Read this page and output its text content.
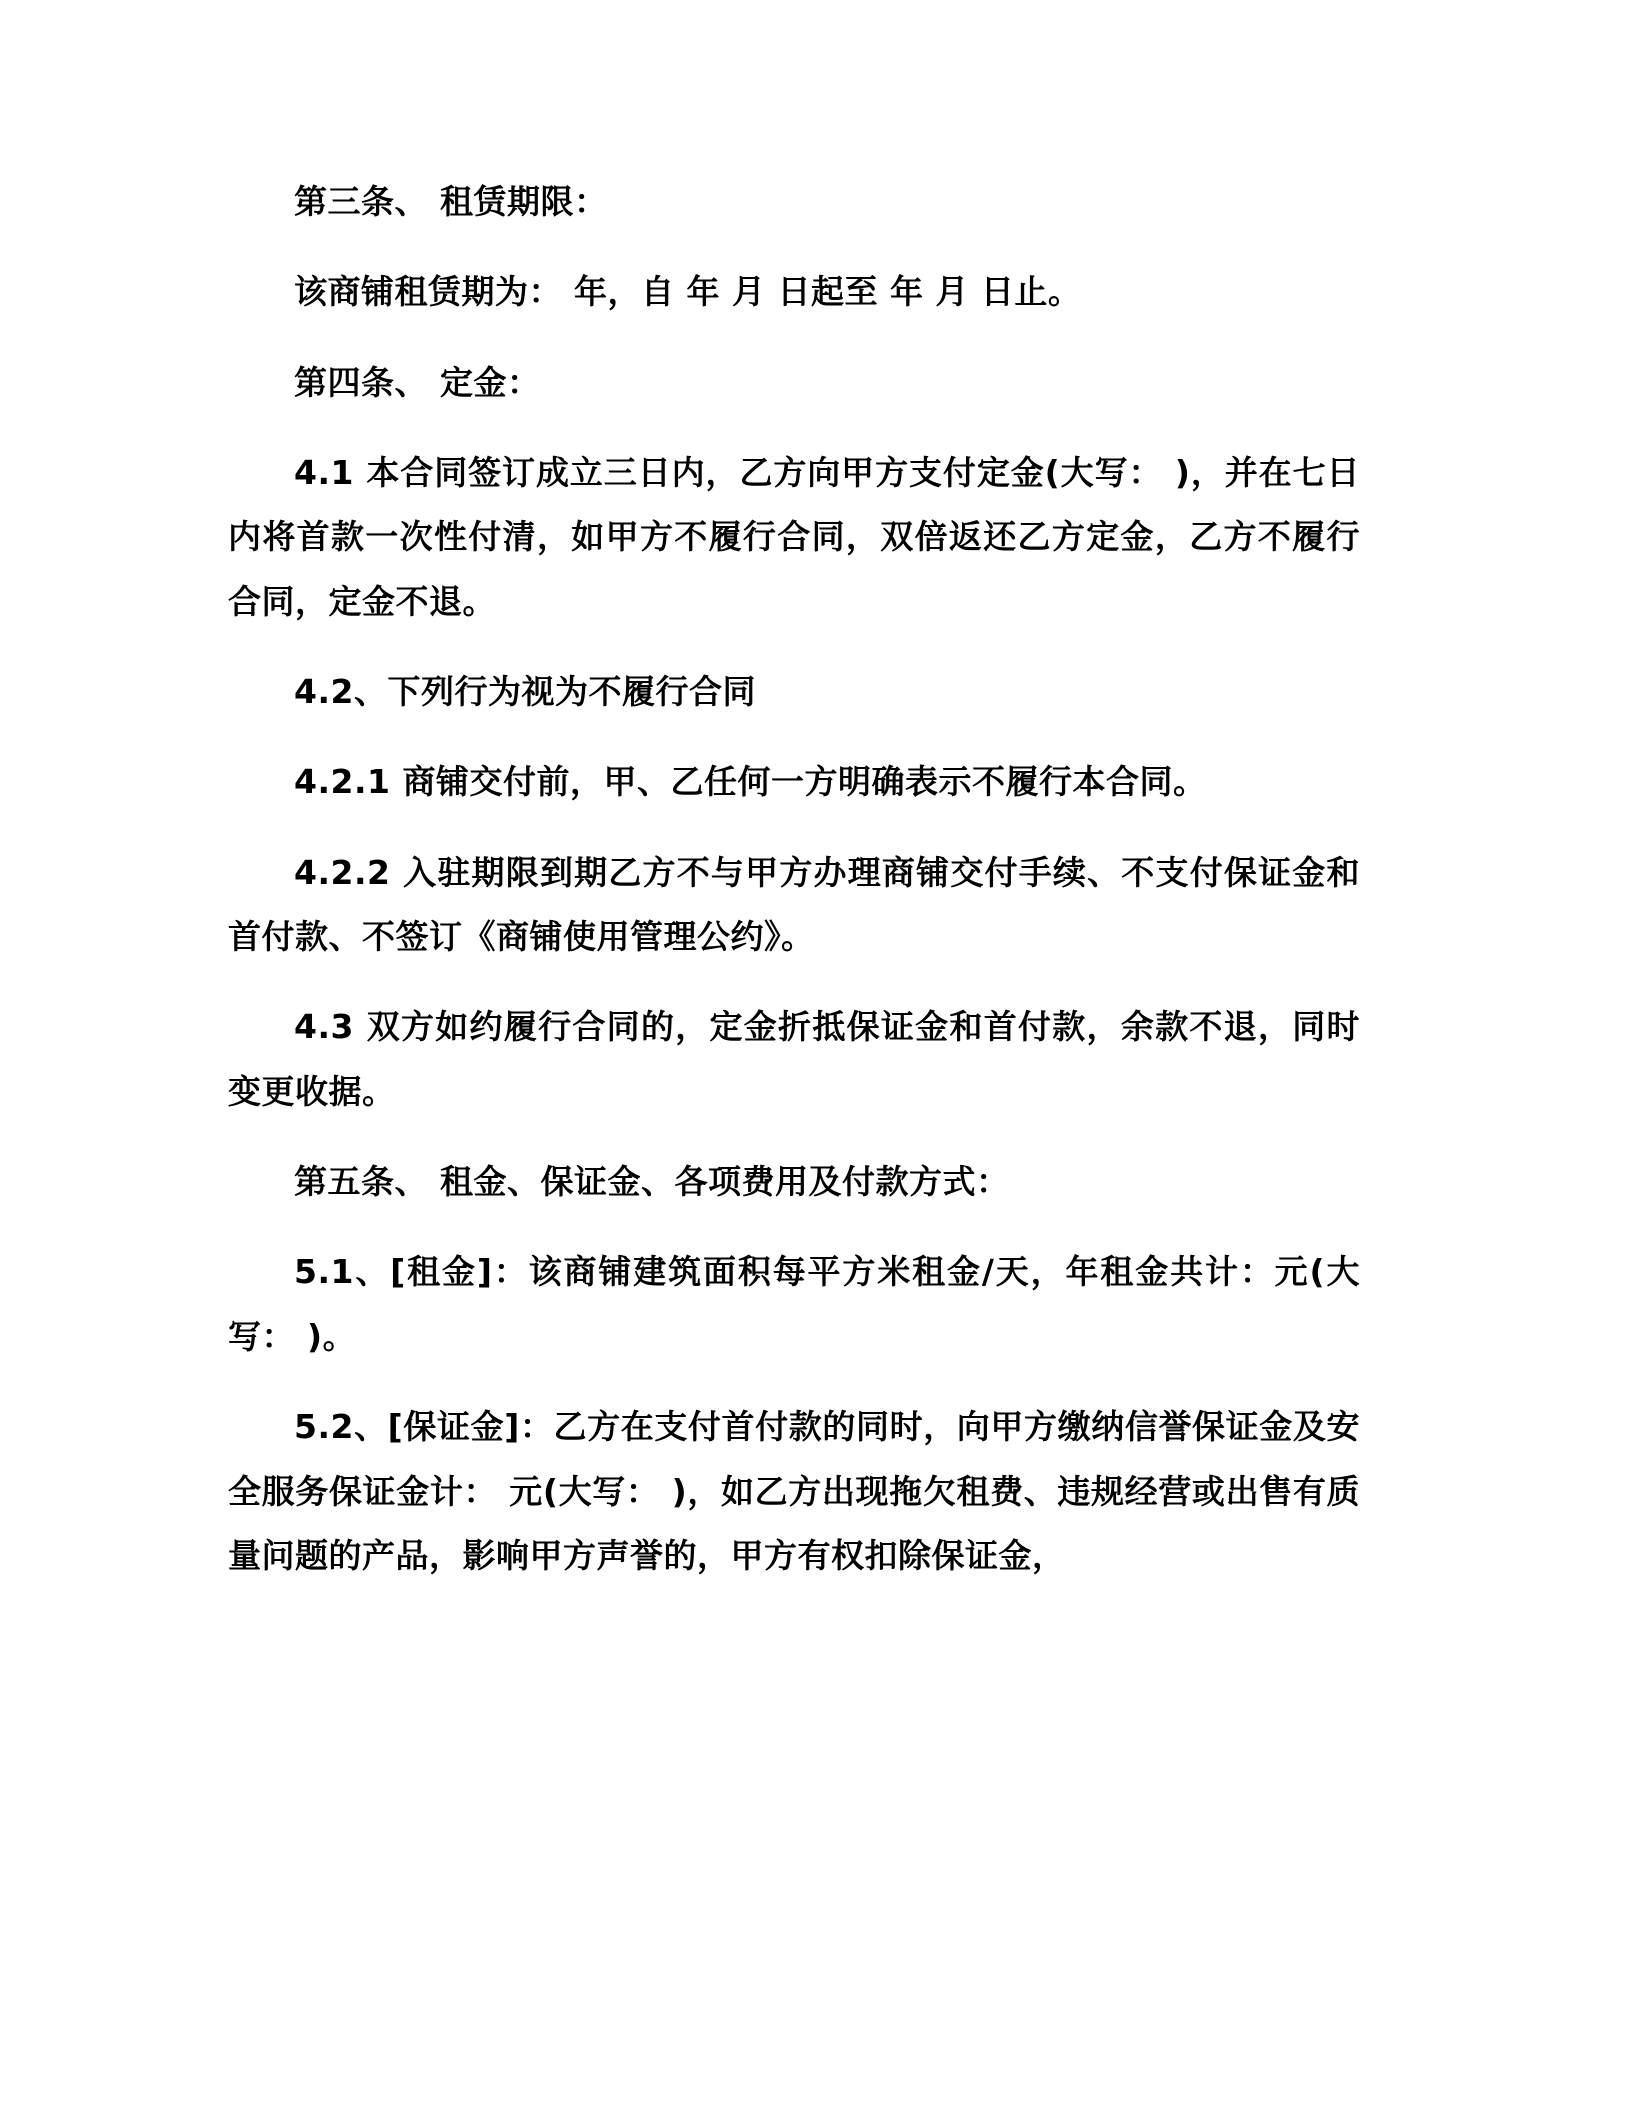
第三条、 租赁期限：

该商铺租赁期为： 年，自 年 月 日起至 年 月 日止。

第四条、 定金：

4.1 本合同签订成立三日内，乙方向甲方支付定金(大写： )，并在七日内将首款一次性付清，如甲方不履行合同，双倍返还乙方定金，乙方不履行合同，定金不退。

4.2、下列行为视为不履行合同

4.2.1 商铺交付前，甲、乙任何一方明确表示不履行本合同。

4.2.2 入驻期限到期乙方不与甲方办理商铺交付手续、不支付保证金和首付款、不签订《商铺使用管理公约》。

4.3 双方如约履行合同的，定金折抵保证金和首付款，余款不退，同时变更收据。

第五条、 租金、保证金、各项费用及付款方式：

5.1、[租金]：该商铺建筑面积每平方米租金/天，年租金共计：元(大写： )。

5.2、[保证金]：乙方在支付首付款的同时，向甲方缴纳信誉保证金及安全服务保证金计： 元(大写： )，如乙方出现拖欠租费、违规经营或出售有质量问题的产品，影响甲方声誉的，甲方有权扣除保证金，
